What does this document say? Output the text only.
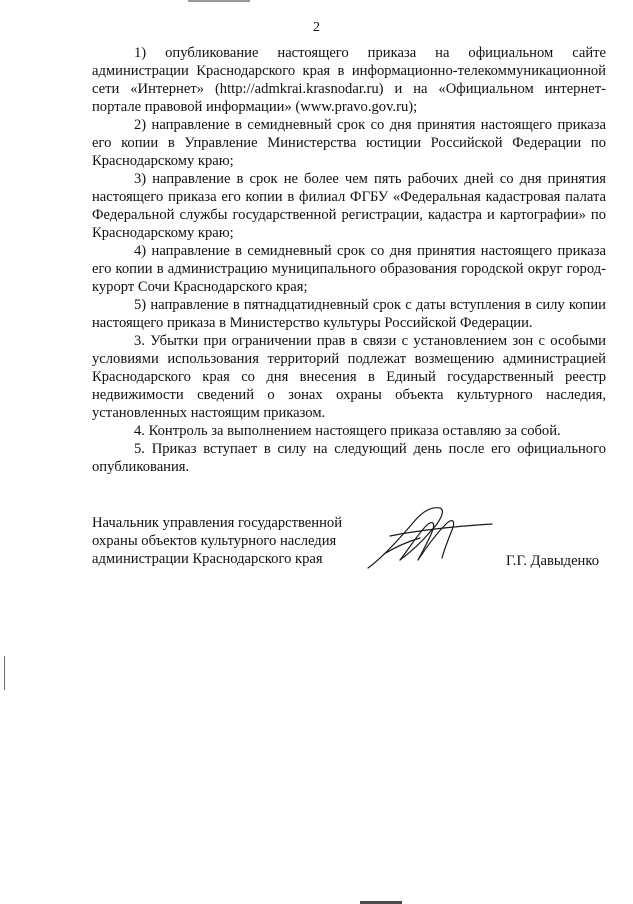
2

1) опубликование настоящего приказа на официальном сайте администрации Краснодарского края в информационно-телекоммуникационной сети «Интернет» (http://admkrai.krasnodar.ru) и на «Официальном интернет-портале правовой информации» (www.pravo.gov.ru);

2) направление в семидневный срок со дня принятия настоящего приказа его копии в Управление Министерства юстиции Российской Федерации по Краснодарскому краю;

3) направление в срок не более чем пять рабочих дней со дня принятия настоящего приказа его копии в филиал ФГБУ «Федеральная кадастровая палата Федеральной службы государственной регистрации, кадастра и картографии» по Краснодарскому краю;

4) направление в семидневный срок со дня принятия настоящего приказа его копии в администрацию муниципального образования городской округ город-курорт Сочи Краснодарского края;

5) направление в пятнадцатидневный срок с даты вступления в силу копии настоящего приказа в Министерство культуры Российской Федерации.

3. Убытки при ограничении прав в связи с установлением зон с особыми условиями использования территорий подлежат возмещению администрацией Краснодарского края со дня внесения в Единый государственный реестр недвижимости сведений о зонах охраны объекта культурного наследия, установленных настоящим приказом.

4. Контроль за выполнением настоящего приказа оставляю за собой.

5. Приказ вступает в силу на следующий день после его официального опубликования.

Начальник управления государственной
охраны объектов культурного наследия
администрации Краснодарского края	Г.Г. Давыденко
